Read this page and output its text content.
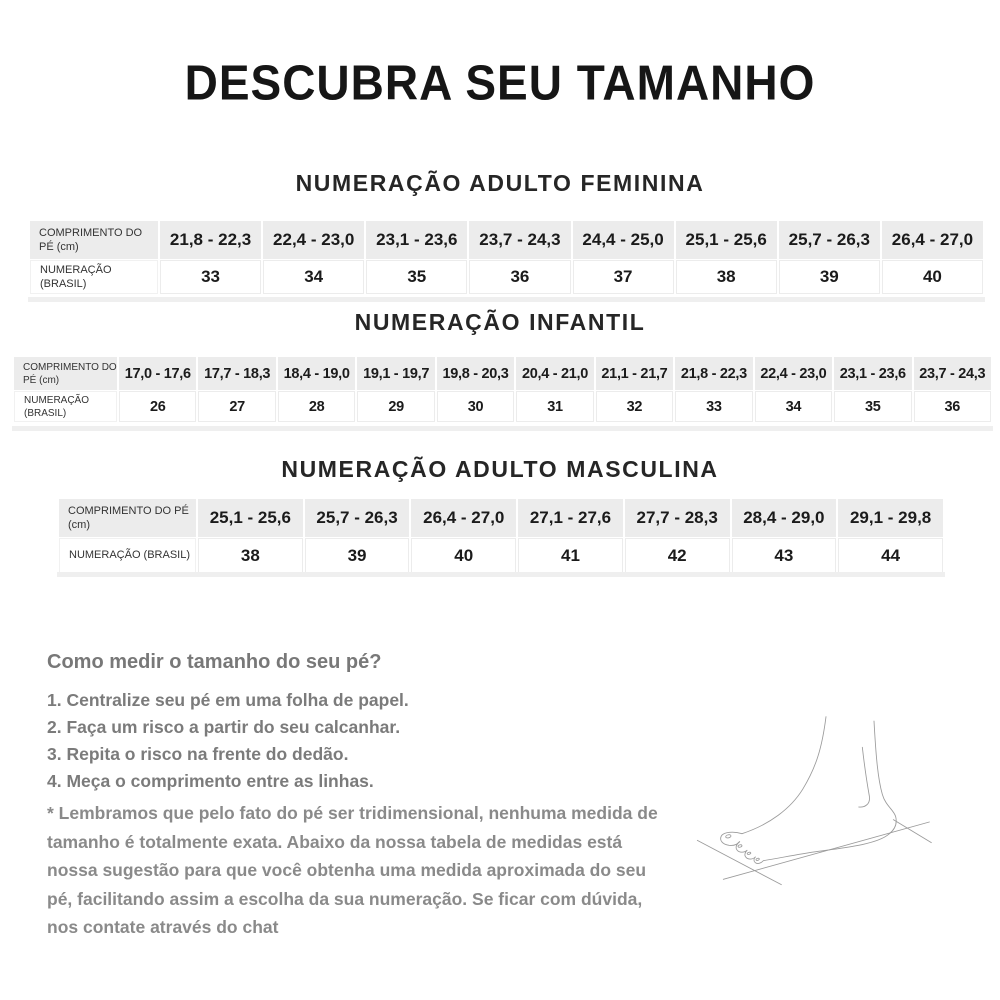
DESCUBRA SEU TAMANHO
NUMERAÇÃO ADULTO FEMININA
COMPRIMENTO DO PÉ (cm)	21,8 - 22,3	22,4 - 23,0	23,1 - 23,6	23,7 - 24,3	24,4 - 25,0	25,1 - 25,6	25,7 - 26,3	26,4 - 27,0
NUMERAÇÃO (BRASIL)	33	34	35	36	37	38	39	40
NUMERAÇÃO INFANTIL
COMPRIMENTO DO PÉ (cm)	17,0 - 17,6	17,7 - 18,3	18,4 - 19,0	19,1 - 19,7	19,8 - 20,3	20,4 - 21,0	21,1 - 21,7	21,8 - 22,3	22,4 - 23,0	23,1 - 23,6	23,7 - 24,3
NUMERAÇÃO (BRASIL)	26	27	28	29	30	31	32	33	34	35	36
NUMERAÇÃO ADULTO MASCULINA
COMPRIMENTO DO PÉ (cm)	25,1 - 25,6	25,7 - 26,3	26,4 - 27,0	27,1 - 27,6	27,7 - 28,3	28,4 - 29,0	29,1 - 29,8
NUMERAÇÃO (BRASIL)	38	39	40	41	42	43	44
Como medir o tamanho do seu pé?
1. Centralize seu pé em uma folha de papel.
2. Faça um risco a partir do seu calcanhar.
3. Repita o risco na frente do dedão.
4. Meça o comprimento entre as linhas.
* Lembramos que pelo fato do pé ser tridimensional, nenhuma medida de tamanho é totalmente exata. Abaixo da nossa tabela de medidas está nossa sugestão para que você obtenha uma medida aproximada do seu pé, facilitando assim a escolha da sua numeração. Se ficar com dúvida, nos contate através do chat
